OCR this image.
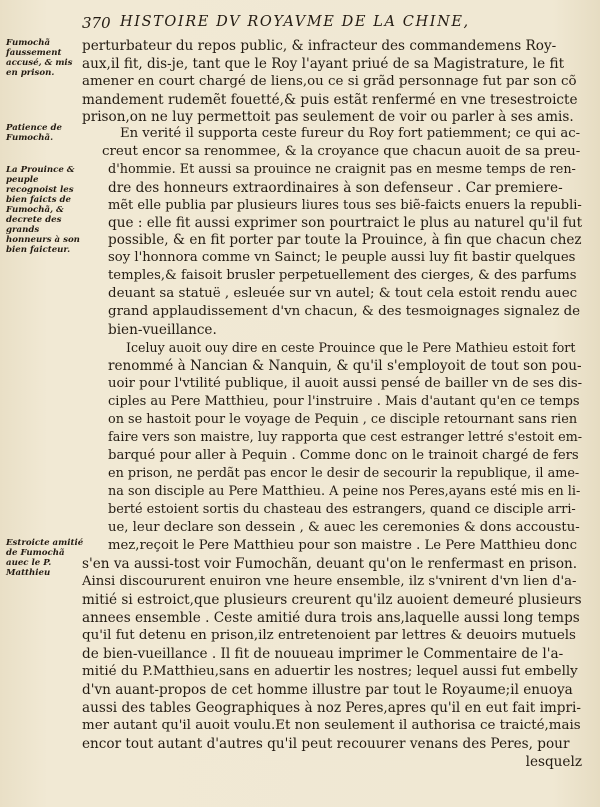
370 HISTOIRE DV ROYAVME DE LA CHINE,
Fumochã faussement accusé, & mis en prison.
Patience de Fumochã.
La Prouince & peuple recognoist les bien faicts de Fumochã, & decrete des grands honneurs à son bien faicteur.
Estroicte amitié de Fumochã auec le P. Matthieu
perturbateur du repos public, & infracteur des commandemens Roy-
aux,il fit, dis-je, tant que le Roy l'ayant priué de sa Magistrature, le fit
amener en court chargé de liens,ou ce si grãd personnage fut par son cõ
mandement rudemẽt fouetté,& puis estãt renfermé en vne tresestroicte
prison,on ne luy permettoit pas seulement de voir ou parler à ses amis.
En verité il supporta ceste fureur du Roy fort patiemment; ce qui ac-
creut encor sa renommee, & la croyance que chacun auoit de sa preu-
d'hommie. Et aussi sa prouince ne craignit pas en mesme temps de ren-
dre des honneurs extraordinaires à son defenseur . Car premiere-
mẽt elle publia par plusieurs liures tous ses biẽ-faicts enuers la republi-
que : elle fit aussi exprimer son pourtraict le plus au naturel qu'il fut
possible, & en fit porter par toute la Prouince, à fin que chacun chez
soy l'honnora comme vn Sainct; le peuple aussi luy fit bastir quelques
temples,& faisoit brusler perpetuellement des cierges, & des parfums
deuant sa statuë , esleuée sur vn autel; & tout cela estoit rendu auec
grand applaudissement d'vn chacun, & des tesmoignages signalez de
bien-vueillance.
Iceluy auoit ouy dire en ceste Prouince que le Pere Mathieu estoit fort
renommé à Nancian & Nanquin, & qu'il s'employoit de tout son pou-
uoir pour l'vtilité publique, il auoit aussi pensé de bailler vn de ses dis-
ciples au Pere Matthieu, pour l'instruire . Mais d'autant qu'en ce temps
on se hastoit pour le voyage de Pequin , ce disciple retournant sans rien
faire vers son maistre, luy rapporta que cest estranger lettré s'estoit em-
barqué pour aller à Pequin . Comme donc on le trainoit chargé de fers
en prison, ne perdãt pas encor le desir de secourir la republique, il ame-
na son disciple au Pere Matthieu. A peine nos Peres,ayans esté mis en li-
berté estoient sortis du chasteau des estrangers, quand ce disciple arri-
ue, leur declare son dessein , & auec les ceremonies & dons accoustu-
mez,reçoit le Pere Matthieu pour son maistre . Le Pere Matthieu donc
s'en va aussi-tost voir Fumochãn, deuant qu'on le renfermast en prison.
Ainsi discoururent enuiron vne heure ensemble, ilz s'vnirent d'vn lien d'a-
mitié si estroict,que plusieurs creurent qu'ilz auoient demeuré plusieurs
annees ensemble . Ceste amitié dura trois ans,laquelle aussi long temps
qu'il fut detenu en prison,ilz entretenoient par lettres & deuoirs mutuels
de bien-vueillance . Il fit de nouueau imprimer le Commentaire de l'a-
mitié du P.Matthieu,sans en aduertir les nostres; lequel aussi fut embelly
d'vn auant-propos de cet homme illustre par tout le Royaume;il enuoya
aussi des tables Geographiques à noz Peres,apres qu'il en eut fait impri-
mer autant qu'il auoit voulu.Et non seulement il authorisa ce traicté,mais
encor tout autant d'autres qu'il peut recouurer venans des Peres, pour
lesquelz
